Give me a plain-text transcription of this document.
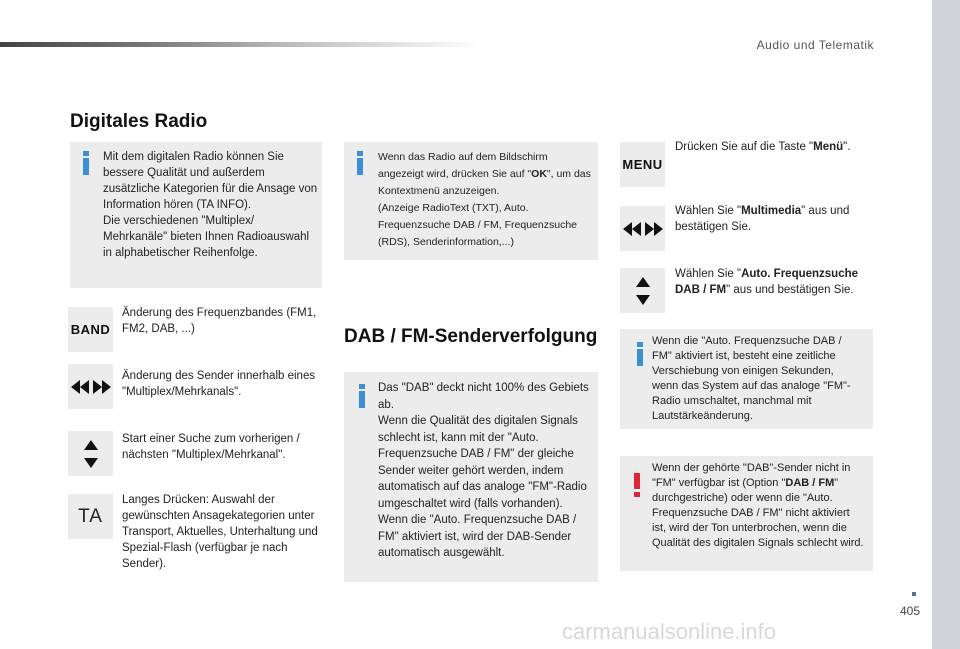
Audio und Telematik
Digitales Radio
Mit dem digitalen Radio können Sie bessere Qualität und außerdem zusätzliche Kategorien für die Ansage von Information hören (TA INFO).
Die verschiedenen "Multiplex/ Mehrkanäle" bieten Ihnen Radioauswahl in alphabetischer Reihenfolge.
BAND
Änderung des Frequenzbandes (FM1, FM2, DAB, ...)
Änderung des Sender innerhalb eines "Multiplex/Mehrkanals".
Start einer Suche zum vorherigen / nächsten "Multiplex/Mehrkanal".
TA
Langes Drücken: Auswahl der gewünschten Ansagekategorien unter Transport, Aktuelles, Unterhaltung und Spezial-Flash (verfügbar je nach Sender).
Wenn das Radio auf dem Bildschirm angezeigt wird, drücken Sie auf "OK", um das Kontextmenü anzuzeigen.
(Anzeige RadioText (TXT), Auto. Frequenzsuche DAB / FM, Frequenzsuche (RDS), Senderinformation,...)
DAB / FM-Senderverfolgung
Das "DAB" deckt nicht 100% des Gebiets ab.
Wenn die Qualität des digitalen Signals schlecht ist, kann mit der "Auto. Frequenzsuche DAB / FM" der gleiche Sender weiter gehört werden, indem automatisch auf das analoge "FM"-Radio umgeschaltet wird (falls vorhanden).
Wenn die "Auto. Frequenzsuche DAB / FM" aktiviert ist, wird der DAB-Sender automatisch ausgewählt.
MENU
Drücken Sie auf die Taste "Menü".
Wählen Sie "Multimedia" aus und bestätigen Sie.
Wählen Sie "Auto. Frequenzsuche DAB / FM" aus und bestätigen Sie.
Wenn die "Auto. Frequenzsuche DAB / FM" aktiviert ist, besteht eine zeitliche Verschiebung von einigen Sekunden, wenn das System auf das analoge "FM"-Radio umschaltet, manchmal mit Lautstärkeänderung.
Wenn der gehörte "DAB"-Sender nicht in "FM" verfügbar ist (Option "DAB / FM" durchgestriche) oder wenn die "Auto. Frequenzsuche DAB / FM" nicht aktiviert ist, wird der Ton unterbrochen, wenn die Qualität des digitalen Signals schlecht wird.
405
carmanualsonline.info
